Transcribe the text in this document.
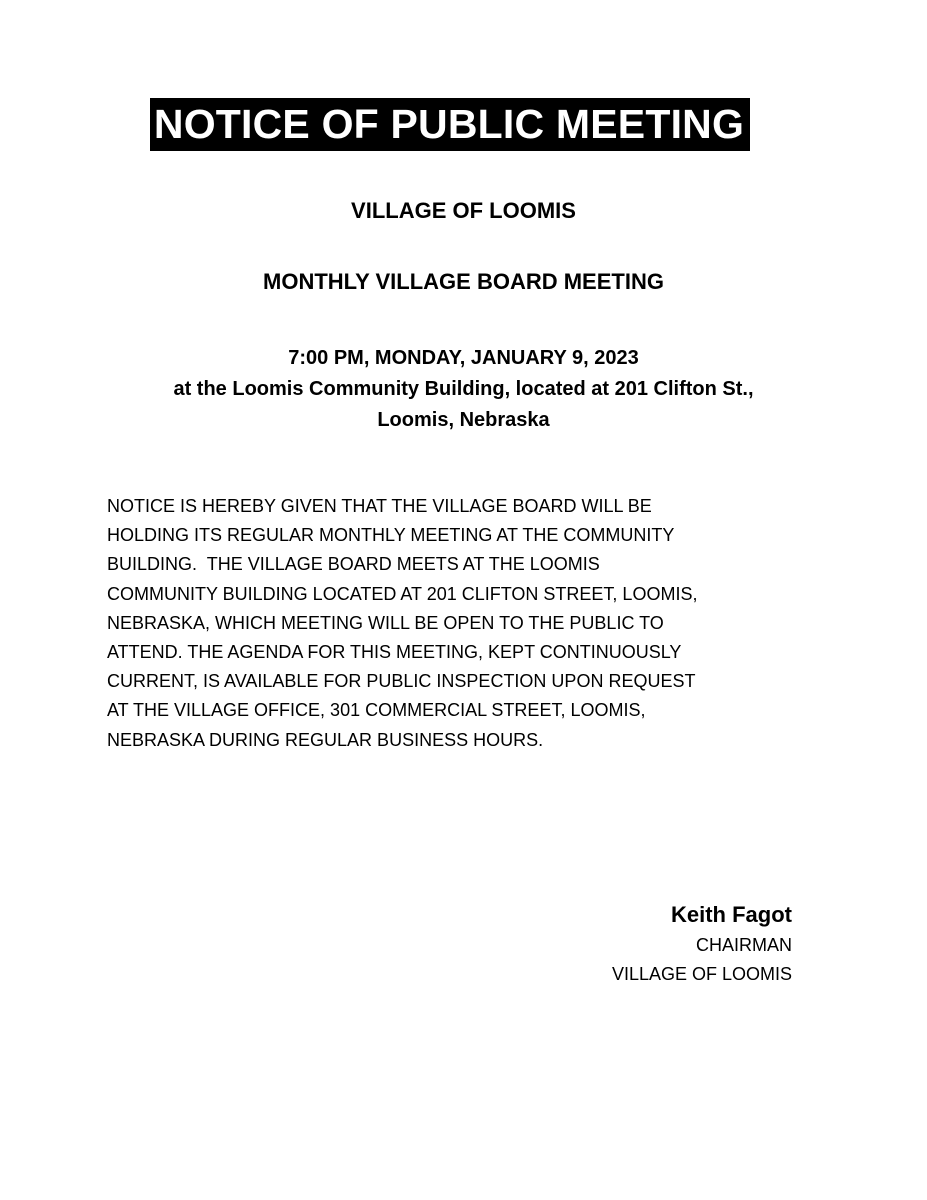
NOTICE OF PUBLIC MEETING
VILLAGE OF LOOMIS
MONTHLY VILLAGE BOARD MEETING
7:00 PM, MONDAY, JANUARY 9, 2023
at the Loomis Community Building, located at 201 Clifton St.,
Loomis, Nebraska
NOTICE IS HEREBY GIVEN THAT THE VILLAGE BOARD WILL BE
HOLDING ITS REGULAR MONTHLY MEETING AT THE COMMUNITY
BUILDING.  THE VILLAGE BOARD MEETS AT THE LOOMIS
COMMUNITY BUILDING LOCATED AT 201 CLIFTON STREET, LOOMIS,
NEBRASKA, WHICH MEETING WILL BE OPEN TO THE PUBLIC TO
ATTEND. THE AGENDA FOR THIS MEETING, KEPT CONTINUOUSLY
CURRENT, IS AVAILABLE FOR PUBLIC INSPECTION UPON REQUEST
AT THE VILLAGE OFFICE, 301 COMMERCIAL STREET, LOOMIS,
NEBRASKA DURING REGULAR BUSINESS HOURS.
Keith Fagot
CHAIRMAN
VILLAGE OF LOOMIS
